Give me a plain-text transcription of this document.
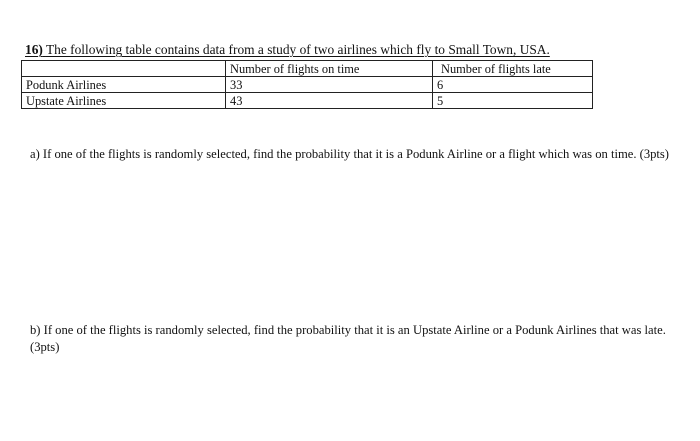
16) The following table contains data from a study of two airlines which fly to Small Town, USA.
	Number of flights on time	Number of flights late
Podunk Airlines	33	6
Upstate Airlines	43	5
a) If one of the flights is randomly selected, find the probability that it is a Podunk Airline or a flight which was on time. (3pts)
b) If one of the flights is randomly selected, find the probability that it is an Upstate Airline or a Podunk Airlines that was late. (3pts)
